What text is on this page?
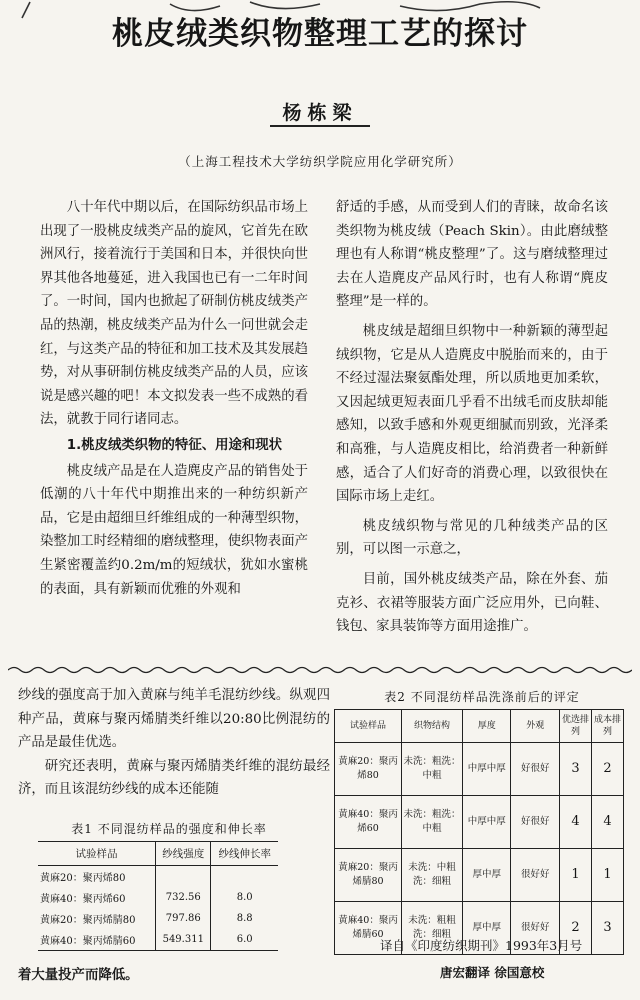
桃皮绒类织物整理工艺的探讨
杨栋梁
（上海工程技术大学纺织学院应用化学研究所）

八十年代中期以后，在国际纺织品市场上出现了一股桃皮绒类产品的旋风，它首先在欧洲风行，接着流行于美国和日本，并很快向世界其他各地蔓延，进入我国也已有一二年时间了。一时间，国内也掀起了研制仿桃皮绒类产品的热潮，桃皮绒类产品为什么一问世就会走红，与这类产品的特征和加工技术及其发展趋势，对从事研制仿桃皮绒类产品的人员，应该说是感兴趣的吧！本文拟发表一些不成熟的看法，就教于同行诸同志。

1.桃皮绒类织物的特征、用途和现状

桃皮绒产品是在人造麂皮产品的销售处于低潮的八十年代中期推出来的一种纺织新产品，它是由超细旦纤维组成的一种薄型织物，染整加工时经精细的磨绒整理，使织物表面产生紧密覆盖约0.2m/m的短绒状，犹如水蜜桃的表面，具有新颖而优雅的外观和

舒适的手感，从而受到人们的青睐，故命名该类织物为桃皮绒（Peach Skin）。由此磨绒整理也有人称谓“桃皮整理”了。这与磨绒整理过去在人造麂皮产品风行时，也有人称谓“麂皮整理”是一样的。

桃皮绒是超细旦织物中一种新颖的薄型起绒织物，它是从人造麂皮中脱胎而来的，由于不经过湿法聚氨酯处理，所以质地更加柔软，又因起绒更短表面几乎看不出绒毛而皮肤却能感知，以致手感和外观更细腻而别致，光泽柔和高雅，与人造麂皮相比，给消费者一种新鲜感，适合了人们好奇的消费心理，以致很快在国际市场上走红。

桃皮绒织物与常见的几种绒类产品的区别，可以图一示意之，

目前，国外桃皮绒类产品，除在外套、茄克衫、衣裙等服装方面广泛应用外，已向鞋、钱包、家具装饰等方面用途推广。

纱线的强度高于加入黄麻与纯羊毛混纺纱线。纵观四种产品，黄麻与聚丙烯腈类纤维以20:80比例混纺的产品是最佳优选。

研究还表明，黄麻与聚丙烯腈类纤维的混纺最经济，而且该混纺纱线的成本还能随

表1 不同混纺样品的强度和伸长率
试验样品	纱线强度	纱线伸长率
黄麻20：聚丙烯80		
黄麻40：聚丙烯60	732.56	8.0
黄麻20：聚丙烯腈80	797.86	8.8
黄麻40：聚丙烯腈60	549.311	6.0
着大量投产而降低。
表2 不同混纺样品洗涤前后的评定
试验样品	织物结构	厚度	外观	优选排列	成本排列
黄麻20：聚丙烯80	未洗：粗洗：中粗	中厚中厚	好很好	3	2
黄麻40：聚丙烯60	未洗：粗洗：中粗	中厚中厚	好很好	4	4
黄麻20：聚丙烯腈80	未洗：中粗洗：细粗	厚中厚	很好好	1	1
黄麻40：聚丙烯腈60	未洗：粗粗洗：细粗	厚中厚	很好好	2	3
译自《印度纺织期刊》1993年3月号
唐宏翻译 徐国意校
